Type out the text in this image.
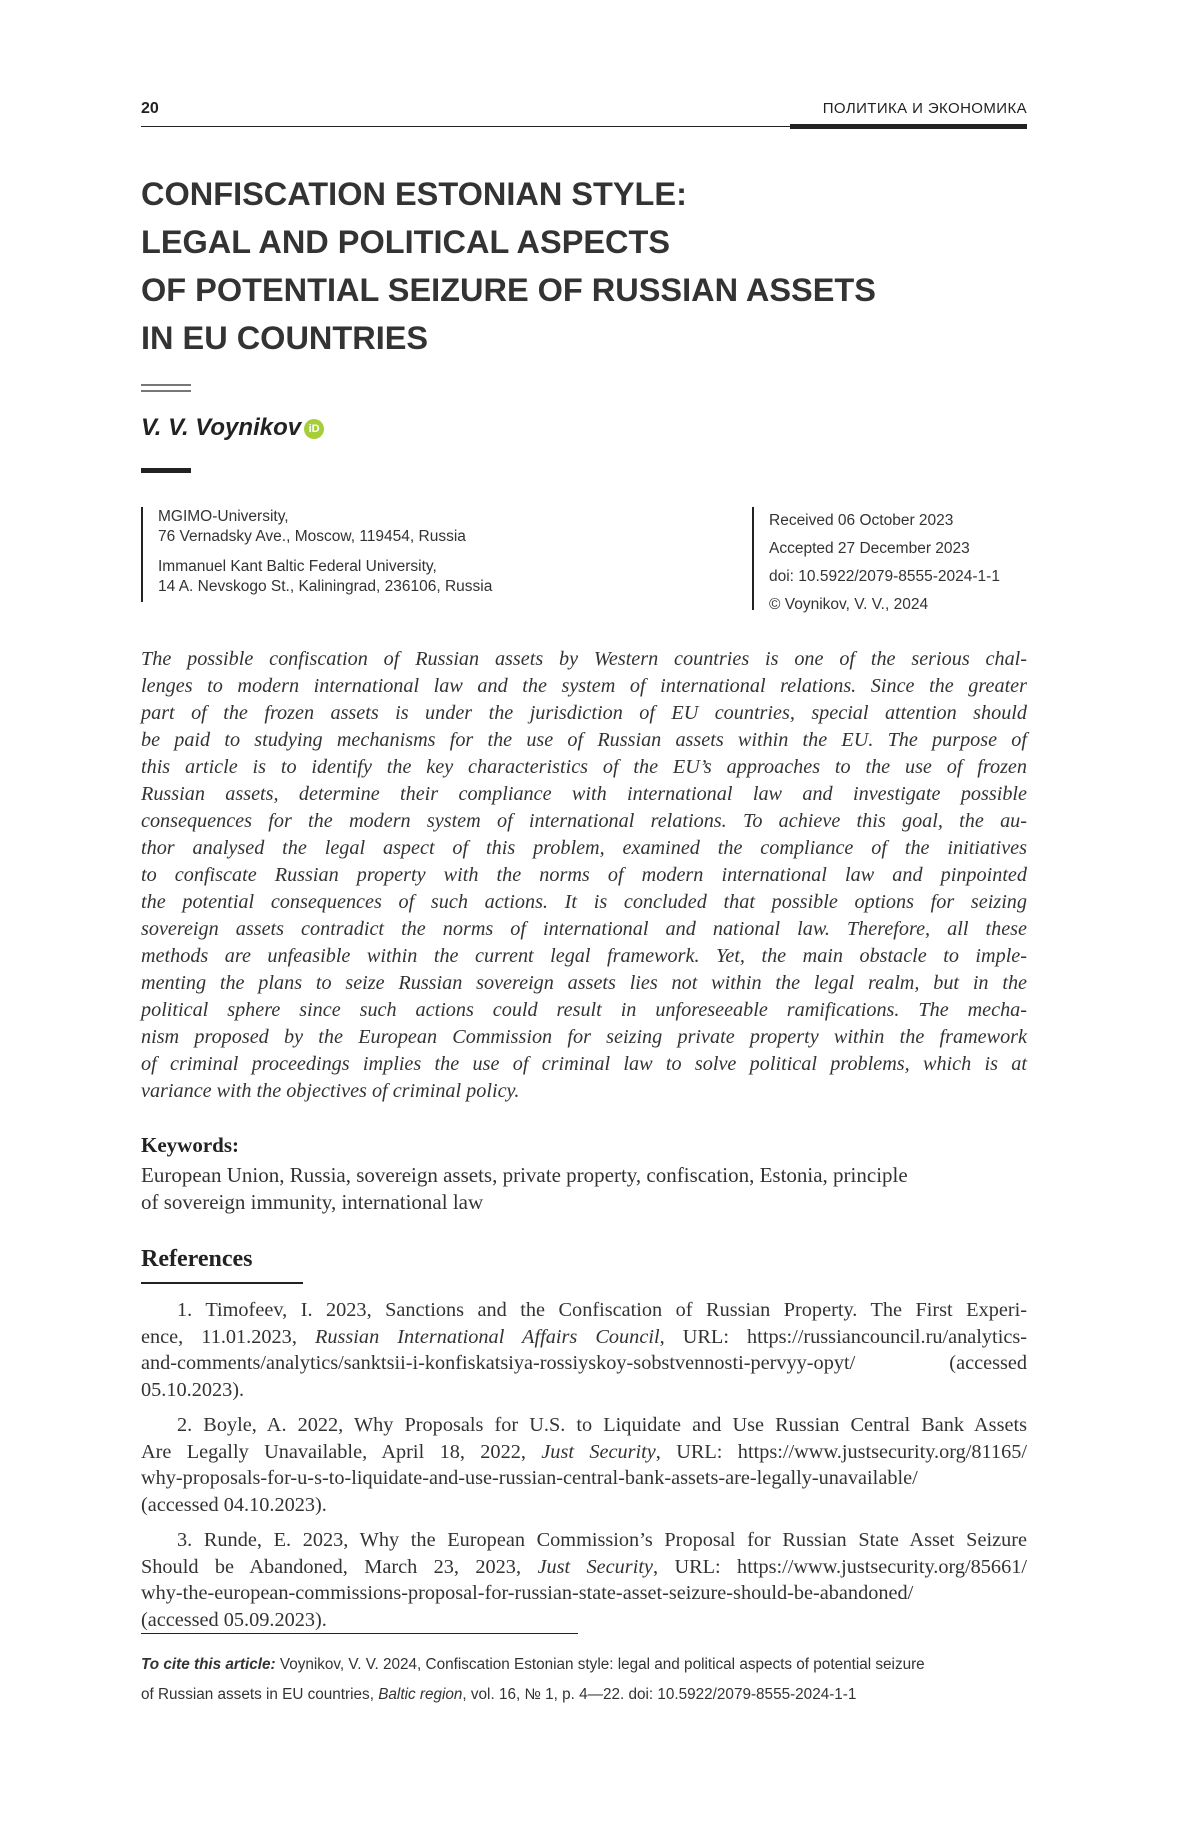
20	ПОЛИТИКА И ЭКОНОМИКА
CONFISCATION ESTONIAN STYLE:
LEGAL AND POLITICAL ASPECTS
OF POTENTIAL SEIZURE OF RUSSIAN ASSETS
IN EU COUNTRIES
V. V. Voynikov iD
MGIMO-University,
76 Vernadsky Ave., Moscow, 119454, Russia
Immanuel Kant Baltic Federal University,
14 A. Nevskogo St., Kaliningrad, 236106, Russia
Received 06 October 2023
Accepted 27 December 2023
doi: 10.5922/2079-8555-2024-1-1
© Voynikov, V. V., 2024
The possible confiscation of Russian assets by Western countries is one of the serious chal-
lenges to modern international law and the system of international relations. Since the greater
part of the frozen assets is under the jurisdiction of EU countries, special attention should
be paid to studying mechanisms for the use of Russian assets within the EU. The purpose of
this article is to identify the key characteristics of the EU’s approaches to the use of frozen
Russian assets, determine their compliance with international law and investigate possible
consequences for the modern system of international relations. To achieve this goal, the au-
thor analysed the legal aspect of this problem, examined the compliance of the initiatives
to confiscate Russian property with the norms of modern international law and pinpointed
the potential consequences of such actions. It is concluded that possible options for seizing
sovereign assets contradict the norms of international and national law. Therefore, all these
methods are unfeasible within the current legal framework. Yet, the main obstacle to imple-
menting the plans to seize Russian sovereign assets lies not within the legal realm, but in the
political sphere since such actions could result in unforeseeable ramifications. The mecha-
nism proposed by the European Commission for seizing private property within the framework
of criminal proceedings implies the use of criminal law to solve political problems, which is at
variance with the objectives of criminal policy.
Keywords:
European Union, Russia, sovereign assets, private property, confiscation, Estonia, principle
of sovereign immunity, international law
References
1. Timofeev, I. 2023, Sanctions and the Confiscation of Russian Property. The First Experi-
ence, 11.01.2023, Russian International Affairs Council, URL: https://russiancouncil.ru/analytics-
and-comments/analytics/sanktsii-i-konfiskatsiya-rossiyskoy-sobstvennosti-pervyy-opyt/ (accessed
05.10.2023).
2. Boyle, A. 2022, Why Proposals for U.S. to Liquidate and Use Russian Central Bank Assets
Are Legally Unavailable, April 18, 2022, Just Security, URL: https://www.justsecurity.org/81165/
why-proposals-for-u-s-to-liquidate-and-use-russian-central-bank-assets-are-legally-unavailable/
(accessed 04.10.2023).
3. Runde, E. 2023, Why the European Commission’s Proposal for Russian State Asset Seizure
Should be Abandoned, March 23, 2023, Just Security, URL: https://www.justsecurity.org/85661/
why-the-european-commissions-proposal-for-russian-state-asset-seizure-should-be-abandoned/
(accessed 05.09.2023).
To cite this article: Voynikov, V. V. 2024, Confiscation Estonian style: legal and political aspects of potential seizure
of Russian assets in EU countries, Baltic region, vol. 16, № 1, p. 4—22. doi: 10.5922/2079-8555-2024-1-1
